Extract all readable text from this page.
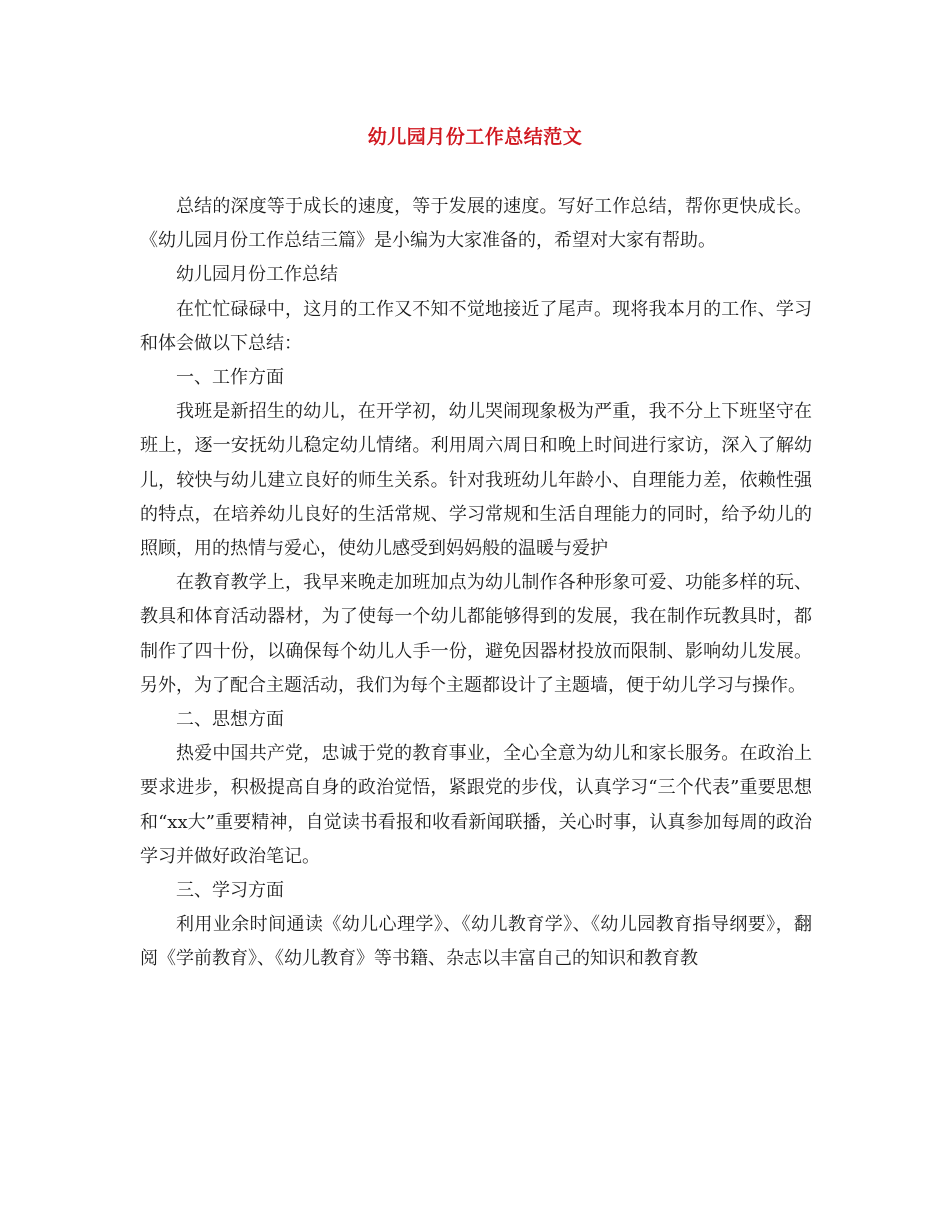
幼儿园月份工作总结范文

总结的深度等于成长的速度，等于发展的速度。写好工作总结，帮你更快成长。《幼儿园月份工作总结三篇》是小编为大家准备的，希望对大家有帮助。

幼儿园月份工作总结

在忙忙碌碌中，这月的工作又不知不觉地接近了尾声。现将我本月的工作、学习和体会做以下总结：

一、工作方面

我班是新招生的幼儿，在开学初，幼儿哭闹现象极为严重，我不分上下班坚守在班上，逐一安抚幼儿稳定幼儿情绪。利用周六周日和晚上时间进行家访，深入了解幼儿，较快与幼儿建立良好的师生关系。针对我班幼儿年龄小、自理能力差，依赖性强的特点，在培养幼儿良好的生活常规、学习常规和生活自理能力的同时，给予幼儿的照顾，用的热情与爱心，使幼儿感受到妈妈般的温暖与爱护

在教育教学上，我早来晚走加班加点为幼儿制作各种形象可爱、功能多样的玩、教具和体育活动器材，为了使每一个幼儿都能够得到的发展，我在制作玩教具时，都制作了四十份，以确保每个幼儿人手一份，避免因器材投放而限制、影响幼儿发展。另外，为了配合主题活动，我们为每个主题都设计了主题墙，便于幼儿学习与操作。

二、思想方面

热爱中国共产党，忠诚于党的教育事业，全心全意为幼儿和家长服务。在政治上要求进步，积极提高自身的政治觉悟，紧跟党的步伐，认真学习“三个代表”重要思想和“xx大”重要精神，自觉读书看报和收看新闻联播，关心时事，认真参加每周的政治学习并做好政治笔记。

三、学习方面

利用业余时间通读《幼儿心理学》、《幼儿教育学》、《幼儿园教育指导纲要》，翻阅《学前教育》、《幼儿教育》等书籍、杂志以丰富自己的知识和教育教
